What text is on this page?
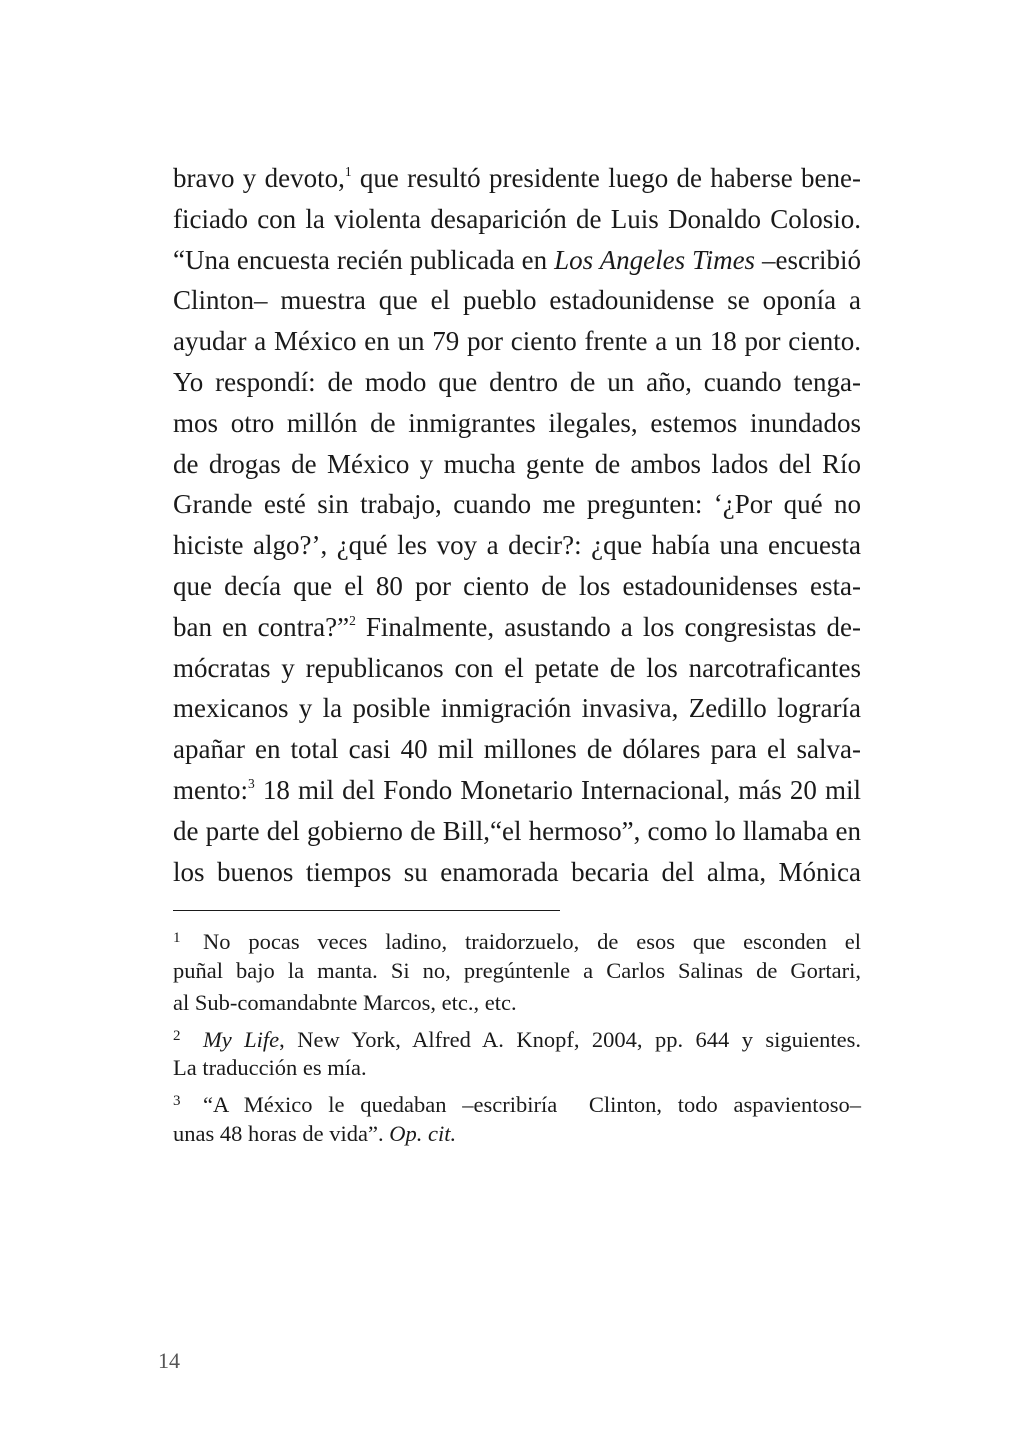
bravo y devoto,$^1$ que resultó presidente luego de haberse bene-
ficiado con la violenta desaparición de Luis Donaldo Colosio.
“Una encuesta recién publicada en Los Angeles Times –escribió
Clinton– muestra que el pueblo estadounidense se oponía a
ayudar a México en un 79 por ciento frente a un 18 por ciento.
Yo respondí: de modo que dentro de un año, cuando tenga-
mos otro millón de inmigrantes ilegales, estemos inundados
de drogas de México y mucha gente de ambos lados del Río
Grande esté sin trabajo, cuando me pregunten: ‘¿Por qué no
hiciste algo?’, ¿qué les voy a decir?: ¿que había una encuesta
que decía que el 80 por ciento de los estadounidenses esta-
ban en contra?”$^2$ Finalmente, asustando a los congresistas de-
mócratas y republicanos con el petate de los narcotraficantes
mexicanos y la posible inmigración invasiva, Zedillo lograría
apañar en total casi 40 mil millones de dólares para el salva-
mento:$^3$ 18 mil del Fondo Monetario Internacional, más 20 mil
de parte del gobierno de Bill,“el hermoso”, como lo llamaba en
los buenos tiempos su enamorada becaria del alma, Mónica
1 No pocas veces ladino, traidorzuelo, de esos que esconden el
puñal bajo la manta. Si no, pregúntenle a Carlos Salinas de Gortari,
al Sub-comandabnte Marcos, etc., etc.
2 My Life, New York, Alfred A. Knopf, 2004, pp. 644 y siguientes.
La traducción es mía.
3 “A México le quedaban –escribiría  Clinton, todo aspavientoso–
unas 48 horas de vida”. Op. cit.
14
